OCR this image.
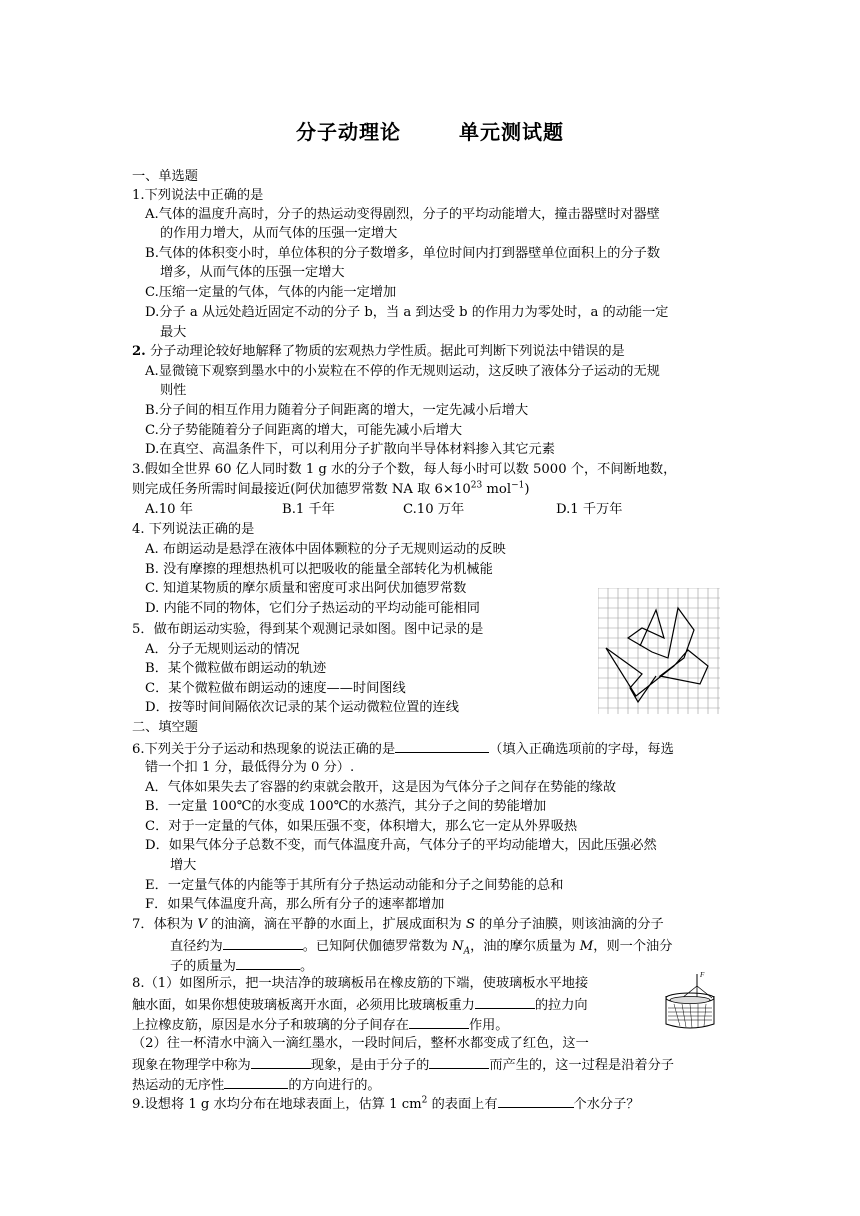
分子动理论	单元测试题
一、单选题
1.下列说法中正确的是
A.气体的温度升高时，分子的热运动变得剧烈，分子的平均动能增大，撞击器壁时对器壁
的作用力增大，从而气体的压强一定增大
B.气体的体积变小时，单位体积的分子数增多，单位时间内打到器壁单位面积上的分子数
增多，从而气体的压强一定增大
C.压缩一定量的气体，气体的内能一定增加
D.分子 a 从远处趋近固定不动的分子 b，当 a 到达受 b 的作用力为零处时，a 的动能一定
最大
2. 分子动理论较好地解释了物质的宏观热力学性质。据此可判断下列说法中错误的是
A.显微镜下观察到墨水中的小炭粒在不停的作无规则运动，这反映了液体分子运动的无规
则性
B.分子间的相互作用力随着分子间距离的增大，一定先减小后增大
C.分子势能随着分子间距离的增大，可能先减小后增大
D.在真空、高温条件下，可以利用分子扩散向半导体材料掺入其它元素
3.假如全世界 60 亿人同时数 1 g 水的分子个数，每人每小时可以数 5000 个，不间断地数，
则完成任务所需时间最接近(阿伏加德罗常数 NA 取 $6\times 10^{23}$ mol$^{-1}$)
A.10 年	B.1 千年	C.10 万年	D.1 千万年
4. 下列说法正确的是
A. 布朗运动是悬浮在液体中固体颗粒的分子无规则运动的反映
B. 没有摩擦的理想热机可以把吸收的能量全部转化为机械能
C. 知道某物质的摩尔质量和密度可求出阿伏加德罗常数
D. 内能不同的物体，它们分子热运动的平均动能可能相同
5．做布朗运动实验，得到某个观测记录如图。图中记录的是
A．分子无规则运动的情况
B．某个微粒做布朗运动的轨迹
C．某个微粒做布朗运动的速度——时间图线
D．按等时间间隔依次记录的某个运动微粒位置的连线
二、填空题
6.下列关于分子运动和热现象的说法正确的是	（填入正确选项前的字母，每选
错一个扣 1 分，最低得分为 0 分）.
A．气体如果失去了容器的约束就会散开，这是因为气体分子之间存在势能的缘故
B．一定量 100℃的水变成 100℃的水蒸汽，其分子之间的势能增加
C．对于一定量的气体，如果压强不变，体积增大，那么它一定从外界吸热
D．如果气体分子总数不变，而气体温度升高，气体分子的平均动能增大，因此压强必然
增大
E．一定量气体的内能等于其所有分子热运动动能和分子之间势能的总和
F．如果气体温度升高，那么所有分子的速率都增加
7．体积为 V 的油滴，滴在平静的水面上，扩展成面积为 S 的单分子油膜，则该油滴的分子
直径约为	。已知阿伏伽德罗常数为 $N_A$，油的摩尔质量为 M，则一个油分
子的质量为	。
8.（1）如图所示，把一块洁净的玻璃板吊在橡皮筋的下端，使玻璃板水平地接
触水面，如果你想使玻璃板离开水面，必须用比玻璃板重力	的拉力向
上拉橡皮筋，原因是水分子和玻璃的分子间存在	作用。
（2）往一杯清水中滴入一滴红墨水，一段时间后，整杯水都变成了红色，这一
现象在物理学中称为	现象，是由于分子的	而产生的，这一过程是沿着分子
热运动的无序性	的方向进行的。
F
9.设想将 1 g 水均分布在地球表面上，估算 1 $cm^2$ 的表面上有	个水分子？
